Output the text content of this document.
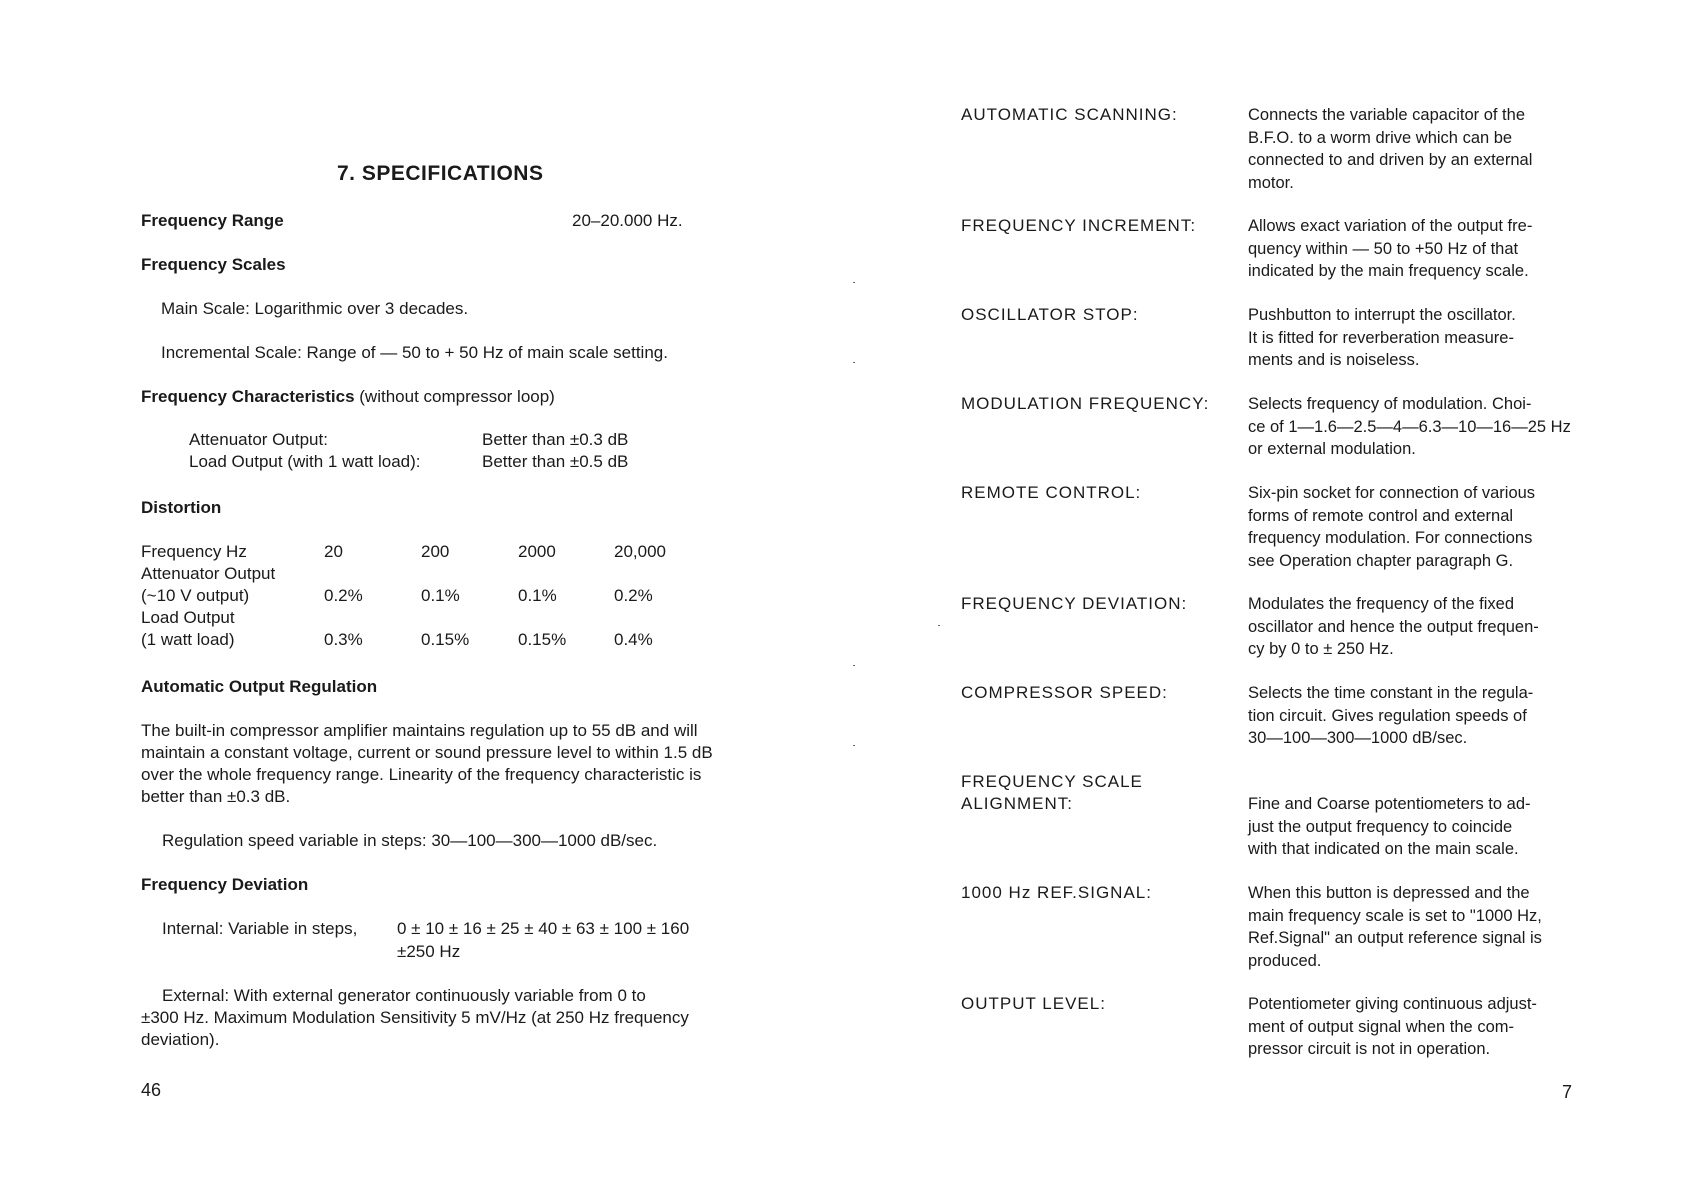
7. SPECIFICATIONS
Frequency Range	20–20.000 Hz.
Frequency Scales
Main Scale: Logarithmic over 3 decades.
Incremental Scale: Range of — 50 to + 50 Hz of main scale setting.
Frequency Characteristics (without compressor loop)
Attenuator Output:	Better than ±0.3 dB
Load Output (with 1 watt load):	Better than ±0.5 dB
Distortion
Frequency Hz	20	200	2000	20,000
Attenuator Output
(~10 V output)	0.2%	0.1%	0.1%	0.2%
Load Output
(1 watt load)	0.3%	0.15%	0.15%	0.4%
Automatic Output Regulation
The built-in compressor amplifier maintains regulation up to 55 dB and will
maintain a constant voltage, current or sound pressure level to within 1.5 dB
over the whole frequency range. Linearity of the frequency characteristic is
better than ±0.3 dB.
Regulation speed variable in steps: 30—100—300—1000 dB/sec.
Frequency Deviation
Internal: Variable in steps, 0 ± 10 ± 16 ± 25 ± 40 ± 63 ± 100 ± 160
±250 Hz
External: With external generator continuously variable from 0 to
±300 Hz. Maximum Modulation Sensitivity 5 mV/Hz (at 250 Hz frequency
deviation).
46
AUTOMATIC SCANNING:	Connects the variable capacitor of the
B.F.O. to a worm drive which can be
connected to and driven by an external
motor.
FREQUENCY INCREMENT:	Allows exact variation of the output fre-
quency within — 50 to +50 Hz of that
indicated by the main frequency scale.
OSCILLATOR STOP:	Pushbutton to interrupt the oscillator.
It is fitted for reverberation measure-
ments and is noiseless.
MODULATION FREQUENCY: Selects frequency of modulation. Choi-
ce of 1—1.6—2.5—4—6.3—10—16—25 Hz
or external modulation.
REMOTE CONTROL:	Six-pin socket for connection of various
forms of remote control and external
frequency modulation. For connections
see Operation chapter paragraph G.
FREQUENCY DEVIATION:	Modulates the frequency of the fixed
oscillator and hence the output frequen-
cy by 0 to ± 250 Hz.
COMPRESSOR SPEED:	Selects the time constant in the regula-
tion circuit. Gives regulation speeds of
30—100—300—1000 dB/sec.
FREQUENCY SCALE
ALIGNMENT:	Fine and Coarse potentiometers to ad-
just the output frequency to coincide
with that indicated on the main scale.
1000 Hz REF.SIGNAL:	When this button is depressed and the
main frequency scale is set to "1000 Hz,
Ref.Signal" an output reference signal is
produced.
OUTPUT LEVEL:	Potentiometer giving continuous adjust-
ment of output signal when the com-
pressor circuit is not in operation.
7
